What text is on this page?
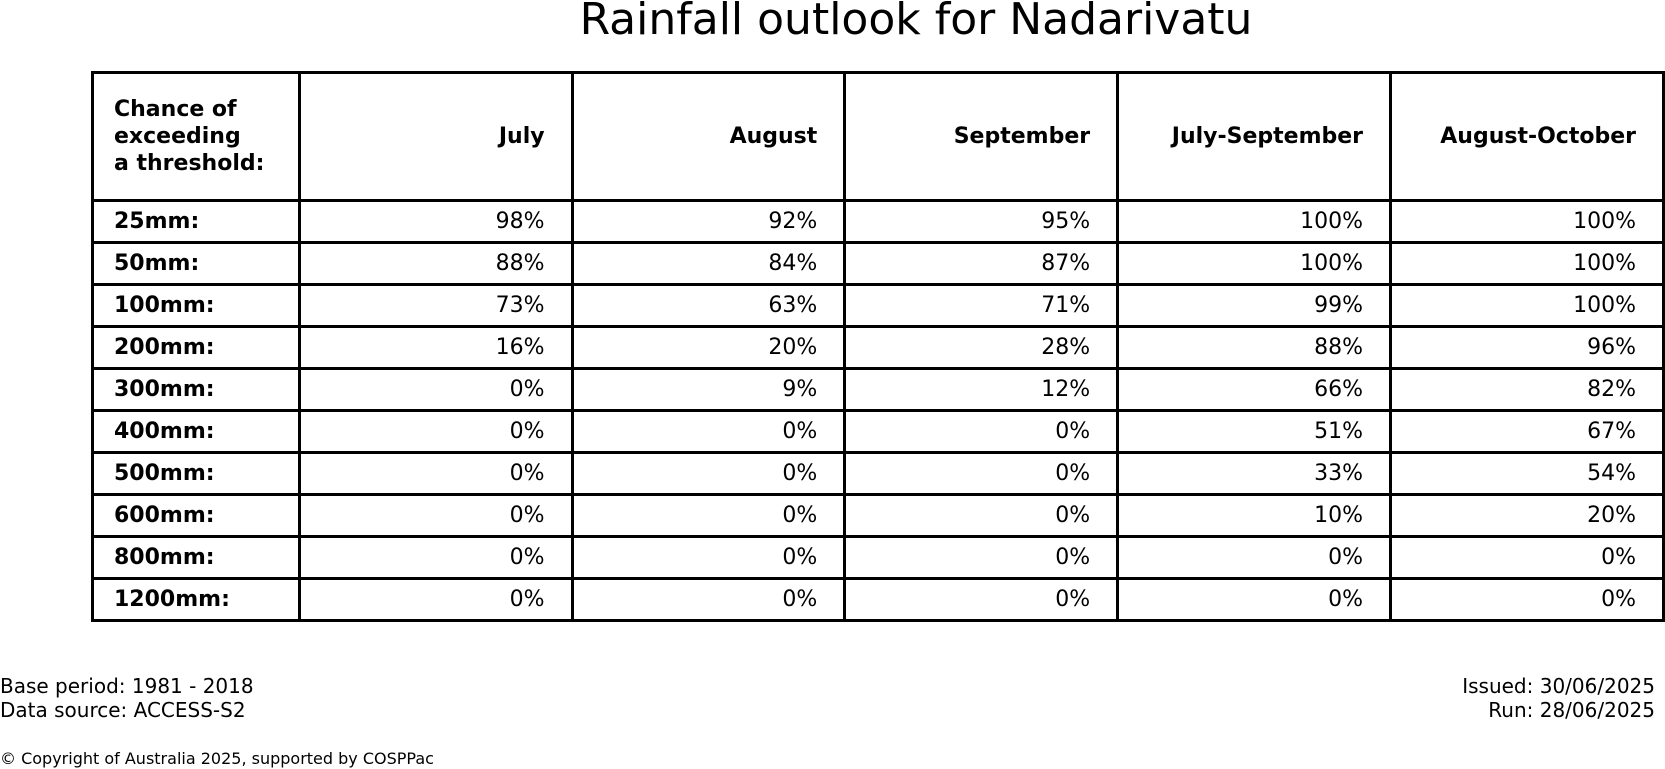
Rainfall outlook for Nadarivatu
Chance of
exceeding
a threshold:	July	August	September	July-September	August-October
25mm:	98%	92%	95%	100%	100%
50mm:	88%	84%	87%	100%	100%
100mm:	73%	63%	71%	99%	100%
200mm:	16%	20%	28%	88%	96%
300mm:	0%	9%	12%	66%	82%
400mm:	0%	0%	0%	51%	67%
500mm:	0%	0%	0%	33%	54%
600mm:	0%	0%	0%	10%	20%
800mm:	0%	0%	0%	0%	0%
1200mm:	0%	0%	0%	0%	0%
Base period: 1981 - 2018
Data source: ACCESS-S2
Issued: 30/06/2025
Run: 28/06/2025
© Copyright of Australia 2025, supported by COSPPac
